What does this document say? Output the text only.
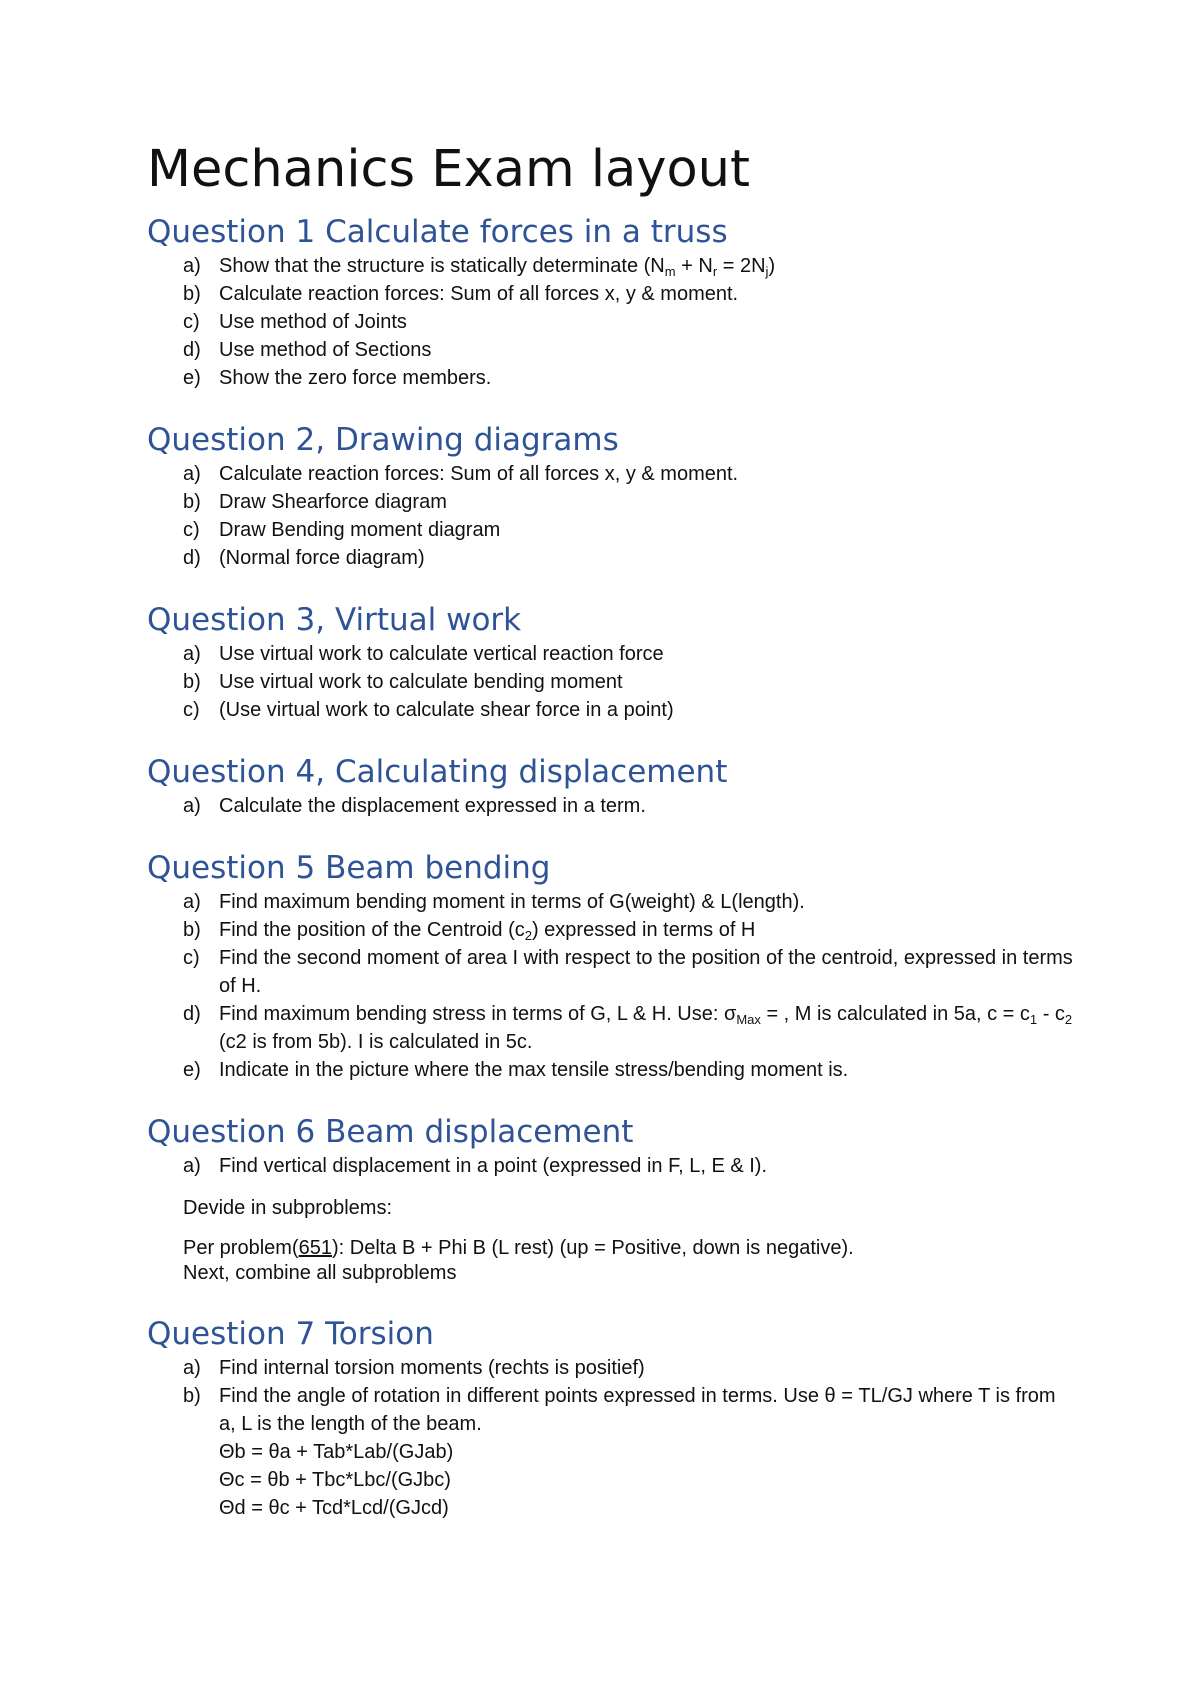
Mechanics Exam layout
Question 1 Calculate forces in a truss
a) Show that the structure is statically determinate $(N_m + N_r = 2N_j)$
b) Calculate reaction forces: Sum of all forces x, y & moment.
c) Use method of Joints
d) Use method of Sections
e) Show the zero force members.
Question 2, Drawing diagrams
a) Calculate reaction forces: Sum of all forces x, y & moment.
b) Draw Shearforce diagram
c) Draw Bending moment diagram
d) (Normal force diagram)
Question 3, Virtual work
a) Use virtual work to calculate vertical reaction force
b) Use virtual work to calculate bending moment
c) (Use virtual work to calculate shear force in a point)
Question 4, Calculating displacement
a) Calculate the displacement expressed in a term.
Question 5 Beam bending
a) Find maximum bending moment in terms of G(weight) & L(length).
b) Find the position of the Centroid $(c_2)$ expressed in terms of H
c) Find the second moment of area I with respect to the position of the centroid, expressed in terms of H.
d) Find maximum bending stress in terms of G, L & H. Use: $\sigma_{Max}$ = , M is calculated in 5a, $c = c_1 - c_2$ (c2 is from 5b). I is calculated in 5c.
e) Indicate in the picture where the max tensile stress/bending moment is.
Question 6 Beam displacement
a) Find vertical displacement in a point (expressed in F, L, E & I).
Devide in subproblems:
Per problem(651): Delta B + Phi B (L rest) (up = Positive, down is negative).
Next, combine all subproblems
Question 7 Torsion
a) Find internal torsion moments (rechts is positief)
b) Find the angle of rotation in different points expressed in terms. Use θ = TL/GJ where T is from a, L is the length of the beam.
Θb = θa + Tab*Lab/(GJab)
Θc = θb + Tbc*Lbc/(GJbc)
Θd = θc + Tcd*Lcd/(GJcd)
